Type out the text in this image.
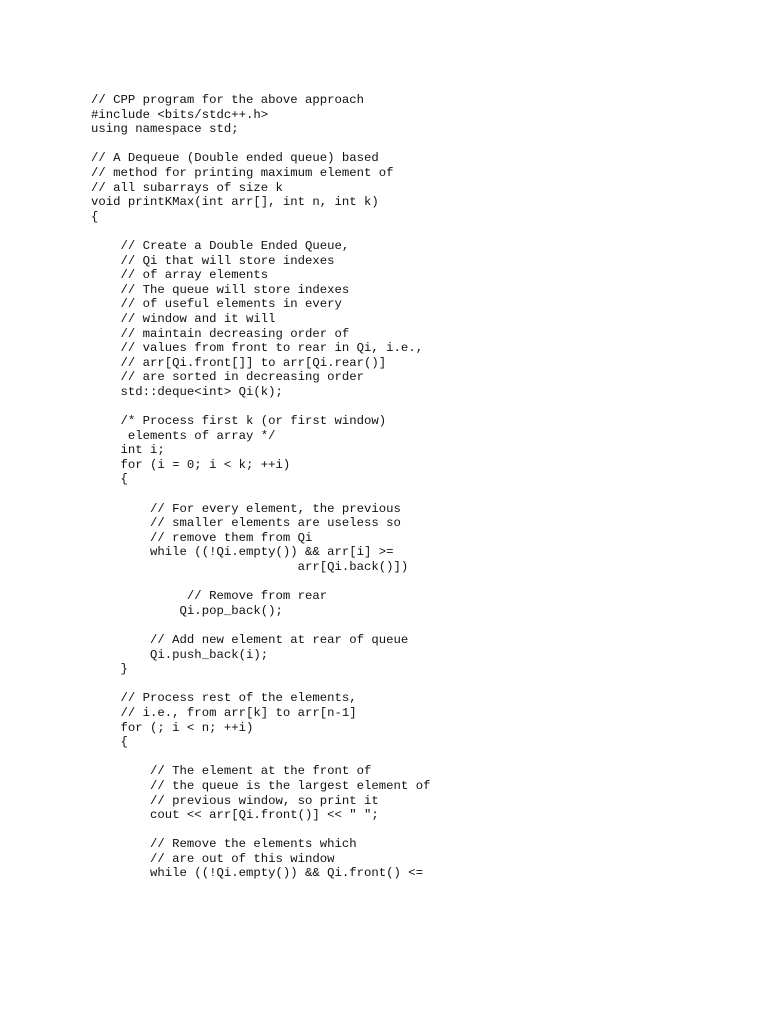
// CPP program for the above approach
#include <bits/stdc++.h>
using namespace std;

// A Dequeue (Double ended queue) based
// method for printing maximum element of
// all subarrays of size k
void printKMax(int arr[], int n, int k)
{

// Create a Double Ended Queue,
// Qi that will store indexes
// of array elements
// The queue will store indexes
// of useful elements in every
// window and it will
// maintain decreasing order of
// values from front to rear in Qi, i.e.,
// arr[Qi.front[]] to arr[Qi.rear()]
// are sorted in decreasing order
std::deque<int> Qi(k);

/* Process first k (or first window)
elements of array */
int i;
for (i = 0; i < k; ++i)
{

// For every element, the previous
// smaller elements are useless so
// remove them from Qi
while ((!Qi.empty()) && arr[i] >=
arr[Qi.back()])

// Remove from rear
Qi.pop_back();

// Add new element at rear of queue
Qi.push_back(i);
}

// Process rest of the elements,
// i.e., from arr[k] to arr[n-1]
for (; i < n; ++i)
{

// The element at the front of
// the queue is the largest element of
// previous window, so print it
cout << arr[Qi.front()] << " ";

// Remove the elements which
// are out of this window
while ((!Qi.empty()) && Qi.front() <=
